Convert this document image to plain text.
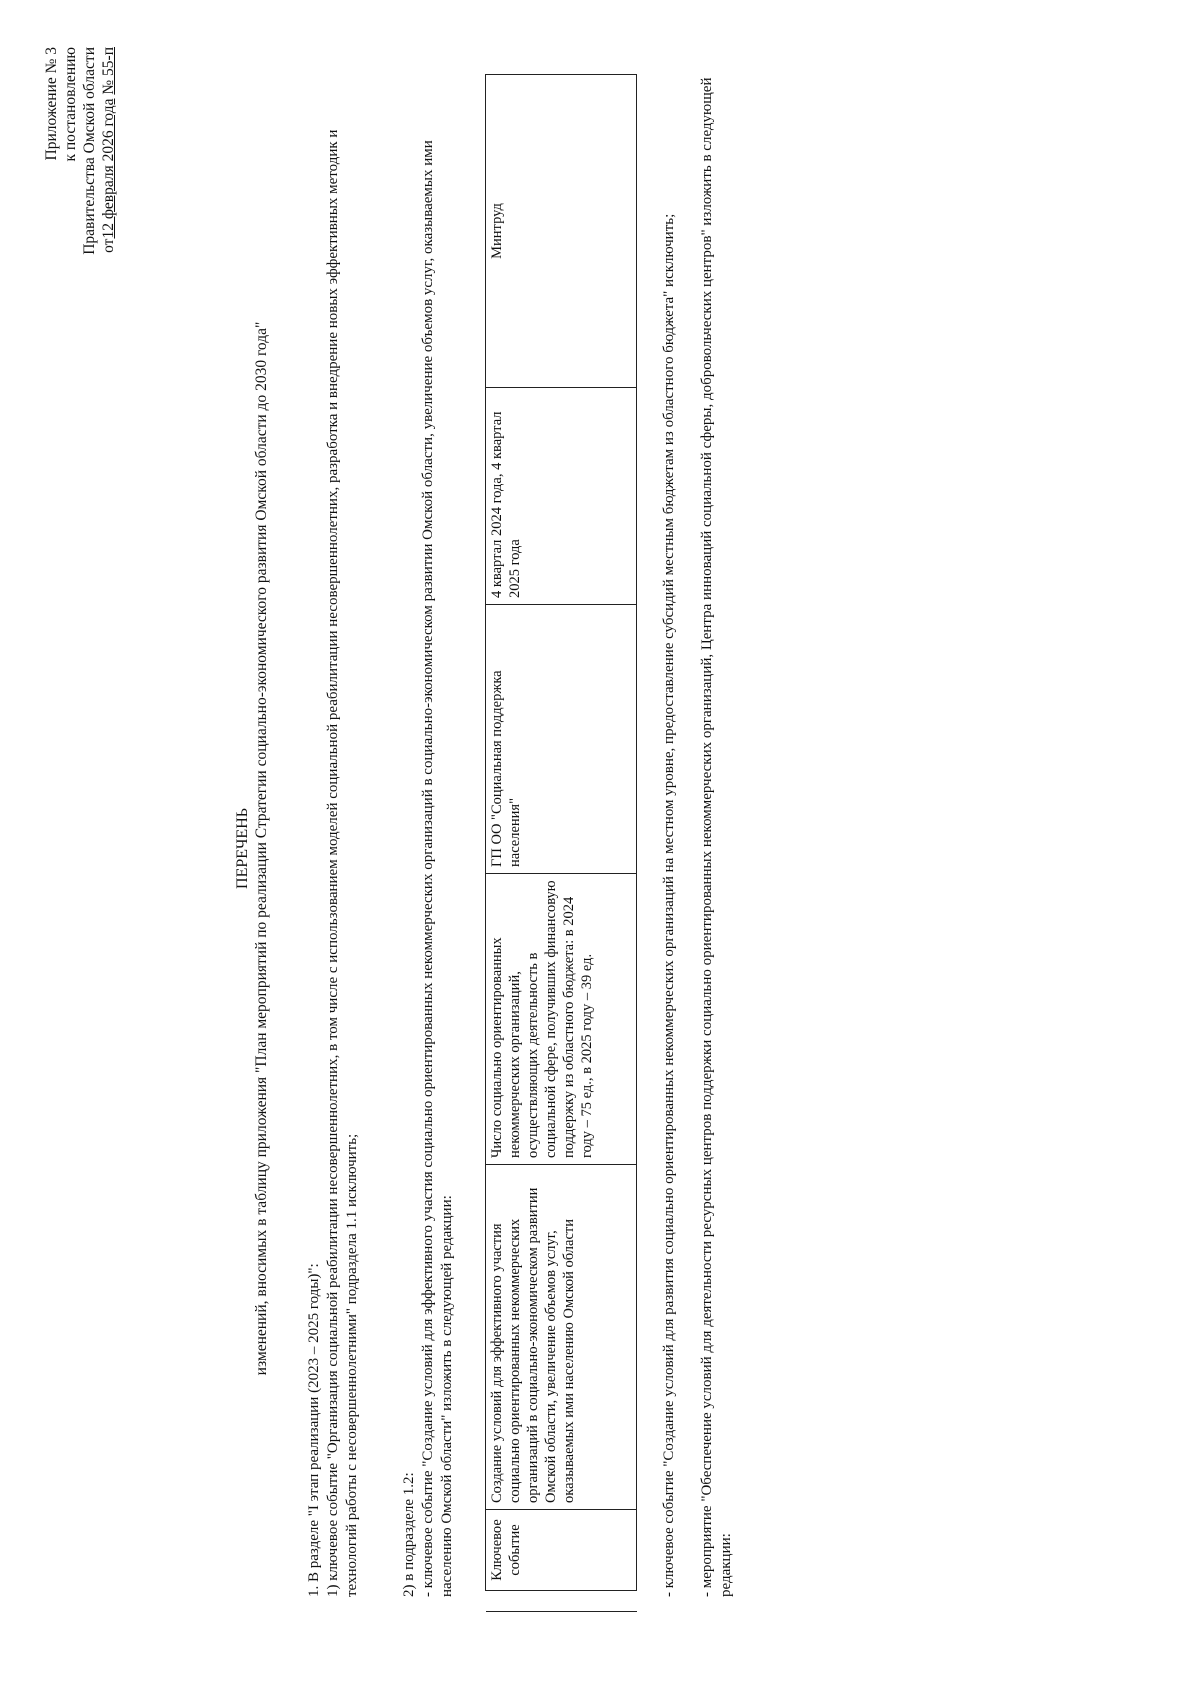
Приложение № 3 к постановлению Правительства Омской области от12 февраля 2026 года № 55-п
ПЕРЕЧЕНЬ изменений, вносимых в таблицу приложения "План мероприятий по реализации Стратегии социально-экономического развития Омской области до 2030 года"
1. В разделе "I этап реализации (2023 – 2025 годы)": 1) ключевое событие "Организация социальной реабилитации несовершеннолетних, в том числе с использованием моделей социальной реабилитации несовершеннолетних, разработка и внедрение новых эффективных методик и технологий работы с несовершеннолетними" подраздела 1.1 исключить;	2) в подразделе 1.2: - ключевое событие "Создание условий для эффективного участия социально ориентированных некоммерческих организаций в социально-экономическом развитии Омской области, увеличение объемов услуг, оказываемых ими населению Омской области" изложить в следующей редакции:
	Ключевое событие	Создание условий для эффективного участия социально ориентированных некоммерческих организаций в социально-экономическом развитии Омской области, увеличение объемов услуг, оказываемых ими населению Омской области	Число социально ориентированных некоммерческих организаций, осуществляющих деятельность в социальной сфере, получивших финансовую поддержку из областного бюджета: в 2024 году – 75 ед., в 2025 году – 39 ед.	ГП ОО "Социальная поддержка населения"	4 квартал 2024 года, 4 квартал 2025 года	Минтруд	- ключевое событие "Создание условий для развития социально ориентированных некоммерческих организаций на местном уровне, предоставление субсидий местным бюджетам из областного бюджета" исключить; - мероприятие "Обеспечение условий для деятельности ресурсных центров поддержки социально ориентированных некоммерческих организаций, Центра инноваций социальной сферы, добровольческих центров" изложить в следующей редакции:
